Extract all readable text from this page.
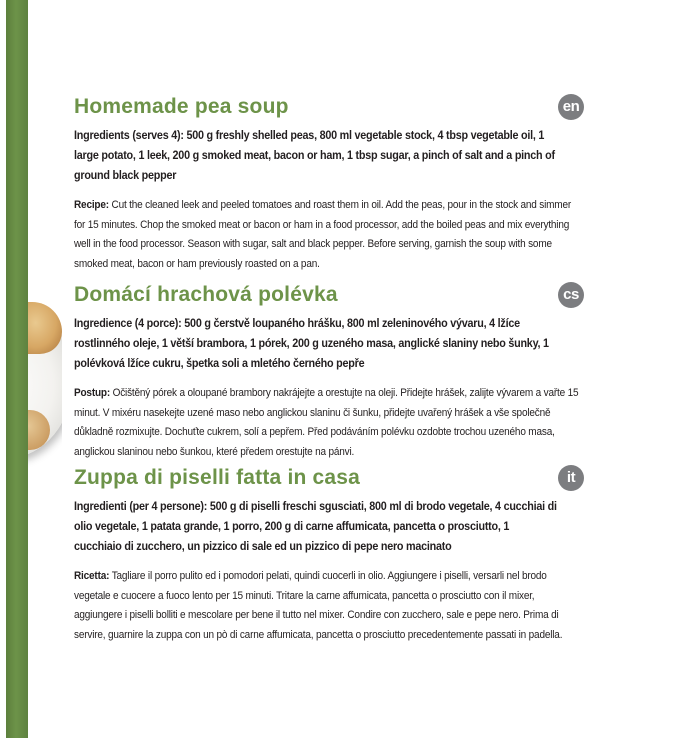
en
Homemade pea soup

Ingredients (serves 4): 500 g freshly shelled peas, 800 ml vegetable stock, 4 tbsp vegetable oil, 1 large potato, 1 leek, 200 g smoked meat, bacon or ham, 1 tbsp sugar, a pinch of salt and a pinch of ground black pepper

Recipe: Cut the cleaned leek and peeled tomatoes and roast them in oil. Add the peas, pour in the stock and simmer for 15 minutes. Chop the smoked meat or bacon or ham in a food processor, add the boiled peas and mix everything well in the food processor. Season with sugar, salt and black pepper. Before serving, garnish the soup with some smoked meat, bacon or ham previously roasted on a pan.

cs
Domácí hrachová polévka

Ingredience (4 porce): 500 g čerstvě loupaného hrášku, 800 ml zeleninového vývaru, 4 lžíce rostlinného oleje, 1 větší brambora, 1 pórek, 200 g uzeného masa, anglické slaniny nebo šunky, 1 polévková lžíce cukru, špetka soli a mletého černého pepře

Postup: Očištěný pórek a oloupané brambory nakrájejte a orestujte na oleji. Přidejte hrášek, zalijte vývarem a vařte 15 minut. V mixéru nasekejte uzené maso nebo anglickou slaninu či šunku, přidejte uvařený hrášek a vše společně důkladně rozmixujte. Dochuťte cukrem, solí a pepřem. Před podáváním polévku ozdobte trochou uzeného masa, anglickou slaninou nebo šunkou, které předem orestujte na pánvi.

it
Zuppa di piselli fatta in casa

Ingredienti (per 4 persone): 500 g di piselli freschi sgusciati, 800 ml di brodo vegetale, 4 cucchiai di olio vegetale, 1 patata grande, 1 porro, 200 g di carne affumicata, pancetta o prosciutto, 1 cucchiaio di zucchero, un pizzico di sale ed un pizzico di pepe nero macinato

Ricetta: Tagliare il porro pulito ed i pomodori pelati, quindi cuocerli in olio. Aggiungere i piselli, versarli nel brodo vegetale e cuocere a fuoco lento per 15 minuti. Tritare la carne affumicata, pancetta o prosciutto con il mixer, aggiungere i piselli bolliti e mescolare per bene il tutto nel mixer. Condire con zucchero, sale e pepe nero. Prima di servire, guarnire la zuppa con un pò di carne affumicata, pancetta o prosciutto precedentemente passati in padella.
